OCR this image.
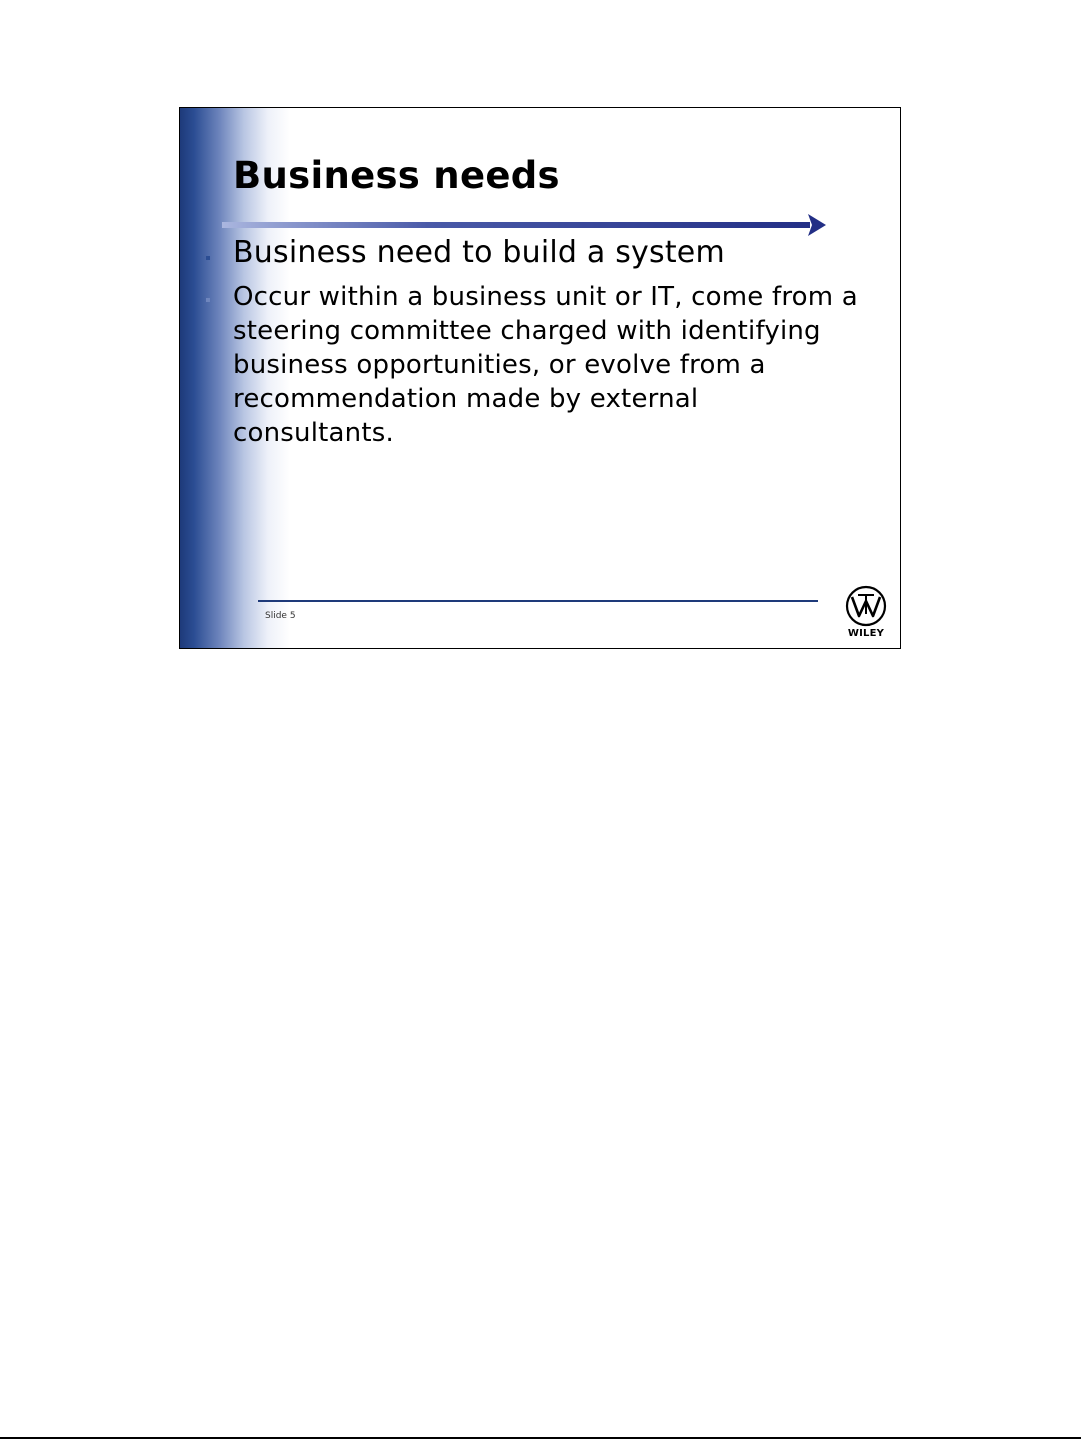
Business needs
Business need to build a system
Occur within a business unit or IT, come from a steering committee charged with identifying business opportunities, or evolve from a recommendation made by external consultants.
Slide 5
WILEY
